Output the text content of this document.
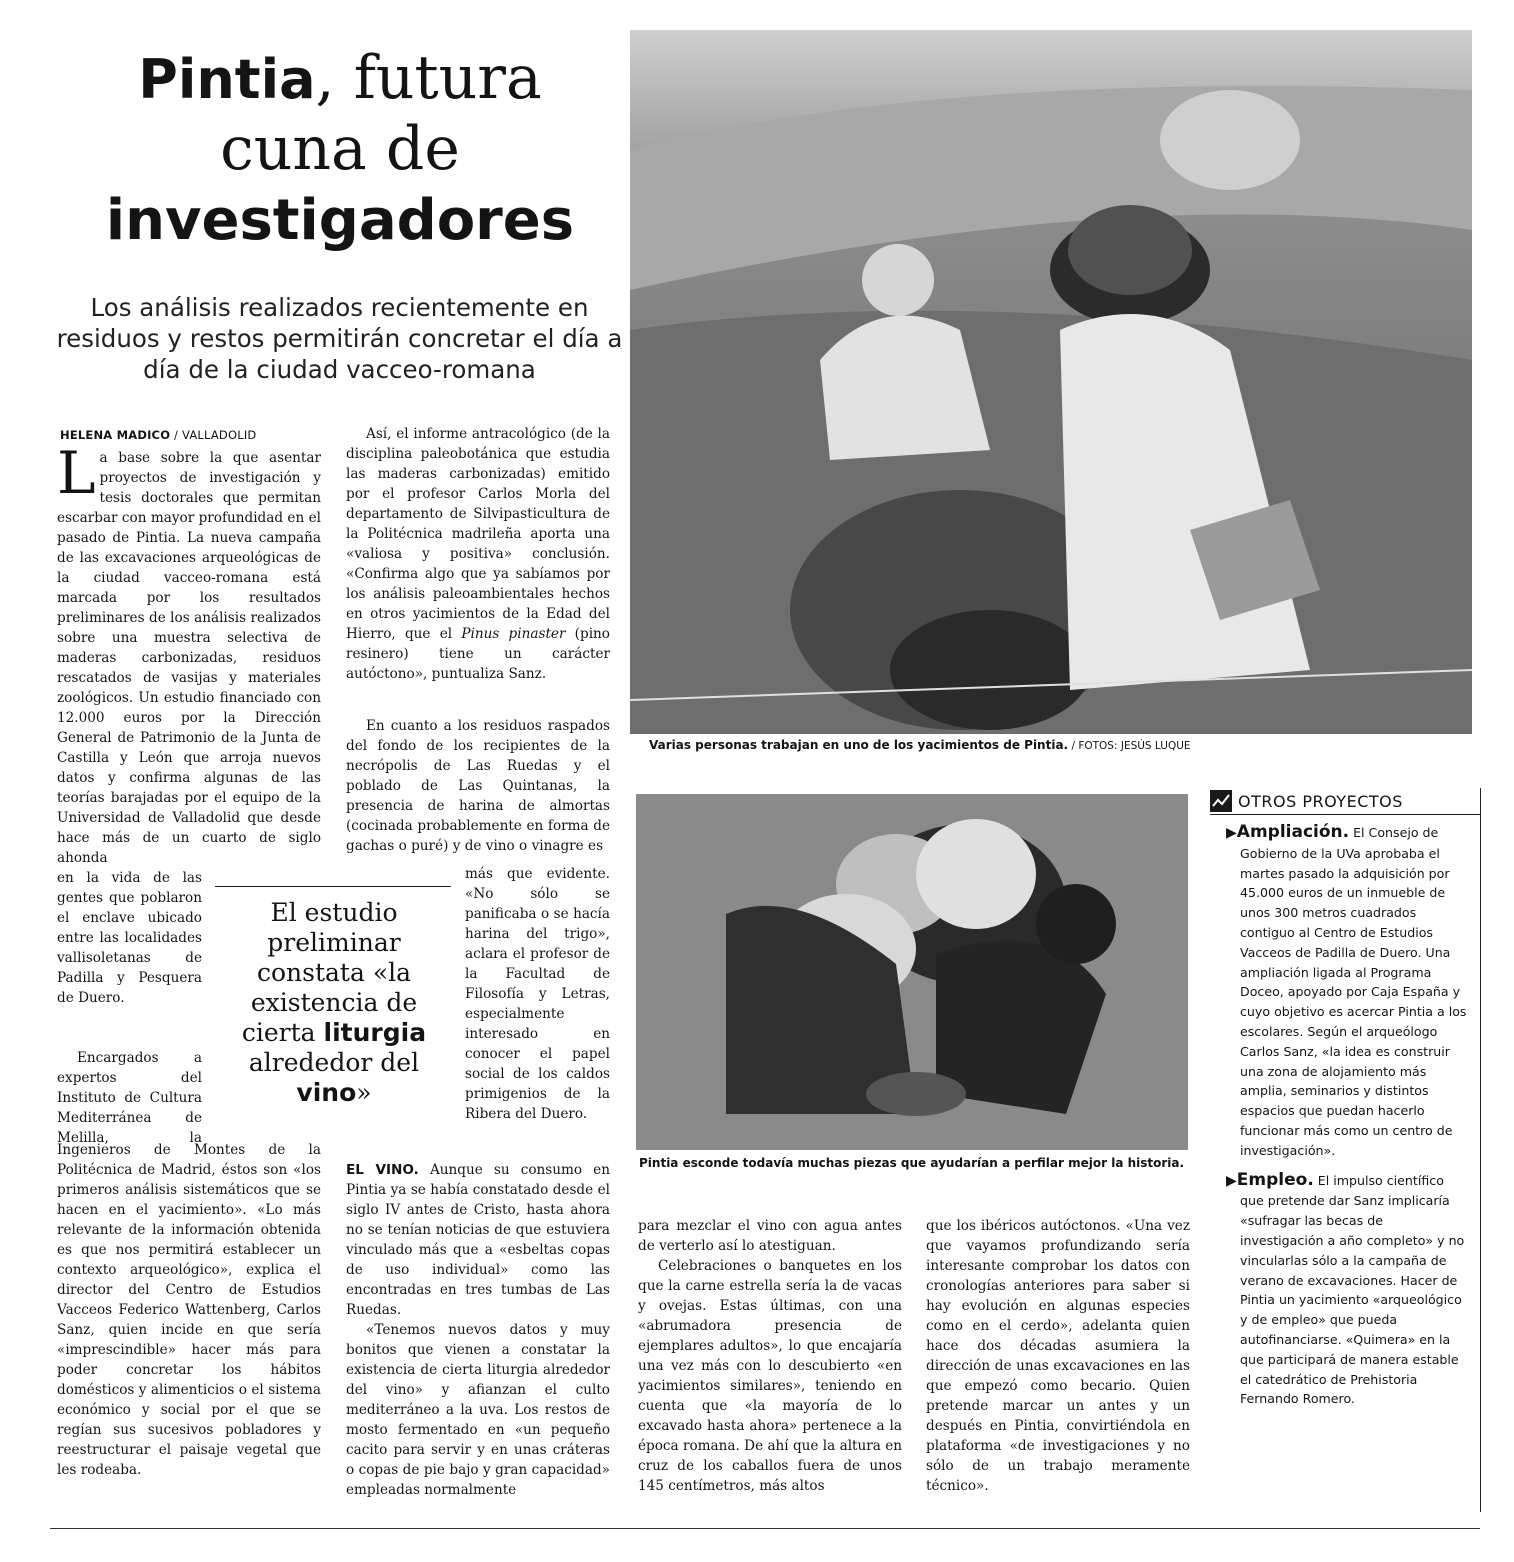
Pintia, futura
cuna de
investigadores
Los análisis realizados recientemente en residuos y restos permitirán concretar el día a día de la ciudad vacceo-romana
HELENA MADICO / VALLADOLID

La base sobre la que asentar proyectos de investigación y tesis doctorales que permitan escarbar con mayor profundidad en el pasado de Pintia. La nueva campaña de las excavaciones arqueológicas de la ciudad vacceo-romana está marcada por los resultados preliminares de los análisis realizados sobre una muestra selectiva de maderas carbonizadas, residuos rescatados de vasijas y materiales zoológicos. Un estudio financiado con 12.000 euros por la Dirección General de Patrimonio de la Junta de Castilla y León que arroja nuevos datos y confirma algunas de las teorías barajadas por el equipo de la Universidad de Valladolid que desde hace más de un cuarto de siglo ahonda

en la vida de las gentes que poblaron el enclave ubicado entre las localidades vallisoletanas de Padilla y Pesquera de Duero.

Encargados a expertos del Instituto de Cultura Mediterránea de Melilla, la

Ingenieros de Montes de la Politécnica de Madrid, éstos son «los primeros análisis sistemáticos que se hacen en el yacimiento». «Lo más relevante de la información obtenida es que nos permitirá establecer un contexto arqueológico», explica el director del Centro de Estudios Vacceos Federico Wattenberg, Carlos Sanz, quien incide en que sería «imprescindible» hacer más para poder concretar los hábitos domésticos y alimenticios o el sistema económico y social por el que se regían sus sucesivos pobladores y reestructurar el paisaje vegetal que les rodeaba.

Así, el informe antracológico (de la disciplina paleobotánica que estudia las maderas carbonizadas) emitido por el profesor Carlos Morla del departamento de Silvipasticultura de la Politécnica madrileña aporta una «valiosa y positiva» conclusión. «Confirma algo que ya sabíamos por los análisis paleoambientales hechos en otros yacimientos de la Edad del Hierro, que el Pinus pinaster (pino resinero) tiene un carácter autóctono», puntualiza Sanz.

En cuanto a los residuos raspados del fondo de los recipientes de la necrópolis de Las Ruedas y el poblado de Las Quintanas, la presencia de harina de almortas (cocinada probablemente en forma de gachas o puré) y de vino o vinagre es

más que evidente. «No sólo se panificaba o se hacía harina del trigo», aclara el profesor de la Facultad de Filosofía y Letras, especialmente interesado en conocer el papel social de los caldos primigenios de la Ribera del Duero.

EL VINO. Aunque su consumo en Pintia ya se había constatado desde el siglo IV antes de Cristo, hasta ahora no se tenían noticias de que estuviera vinculado más que a «esbeltas copas de uso individual» como las encontradas en tres tumbas de Las Ruedas.

«Tenemos nuevos datos y muy bonitos que vienen a constatar la existencia de cierta liturgia alrededor del vino» y afianzan el culto mediterráneo a la uva. Los restos de mosto fermentado en «un pequeño cacito para servir y en unas cráteras o copas de pie bajo y gran capacidad» empleadas normalmente

El estudio preliminar constata «la existencia de cierta liturgia alrededor del vino»
Varias personas trabajan en uno de los yacimientos de Pintia. / FOTOS: JESÚS LUQUE
Pintia esconde todavía muchas piezas que ayudarían a perfilar mejor la historia.
OTROS PROYECTOS

▶Ampliación. El Consejo de Gobierno de la UVa aprobaba el martes pasado la adquisición por 45.000 euros de un inmueble de unos 300 metros cuadrados contiguo al Centro de Estudios Vacceos de Padilla de Duero. Una ampliación ligada al Programa Doceo, apoyado por Caja España y cuyo objetivo es acercar Pintia a los escolares. Según el arqueólogo Carlos Sanz, «la idea es construir una zona de alojamiento más amplia, seminarios y distintos espacios que puedan hacerlo funcionar más como un centro de investigación».

▶Empleo. El impulso científico que pretende dar Sanz implicaría «sufragar las becas de investigación a año completo» y no vincularlas sólo a la campaña de verano de excavaciones. Hacer de Pintia un yacimiento «arqueológico y de empleo» que pueda autofinanciarse. «Quimera» en la que participará de manera estable el catedrático de Prehistoria Fernando Romero.

para mezclar el vino con agua antes de verterlo así lo atestiguan.

Celebraciones o banquetes en los que la carne estrella sería la de vacas y ovejas. Estas últimas, con una «abrumadora presencia de ejemplares adultos», lo que encajaría una vez más con lo descubierto «en yacimientos similares», teniendo en cuenta que «la mayoría de lo excavado hasta ahora» pertenece a la época romana. De ahí que la altura en cruz de los caballos fuera de unos 145 centímetros, más altos

que los ibéricos autóctonos. «Una vez que vayamos profundizando sería interesante comprobar los datos con cronologías anteriores para saber si hay evolución en algunas especies como en el cerdo», adelanta quien hace dos décadas asumiera la dirección de unas excavaciones en las que empezó como becario. Quien pretende marcar un antes y un después en Pintia, convirtiéndola en plataforma «de investigaciones y no sólo de un trabajo meramente técnico».
